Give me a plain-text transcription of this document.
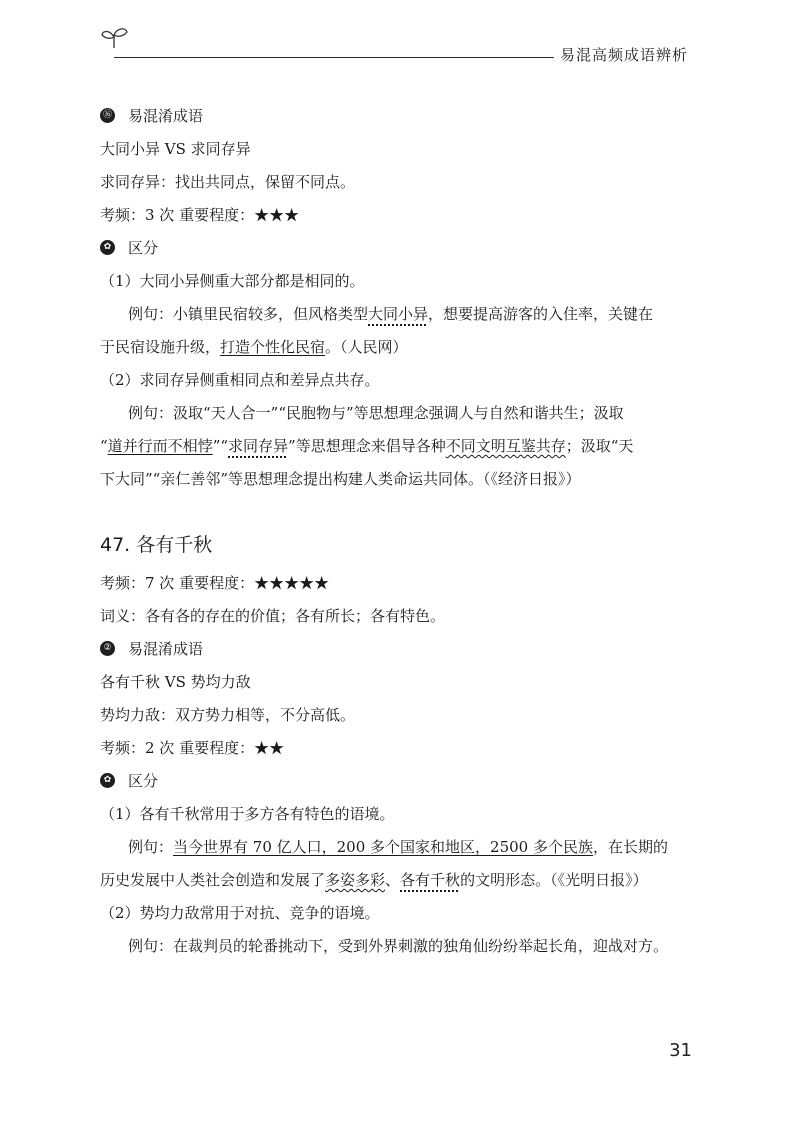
易混高频成语辨析
⑯ 易混淆成语
大同小异 VS 求同存异
求同存异：找出共同点，保留不同点。
考频：3 次 重要程度：★★★
✿ 区分
（1）大同小异侧重大部分都是相同的。
例句：小镇里民宿较多，但风格类型大同小异，想要提高游客的入住率，关键在
于民宿设施升级，打造个性化民宿。（人民网）
（2）求同存异侧重相同点和差异点共存。
例句：汲取“天人合一”“民胞物与”等思想理念强调人与自然和谐共生；汲取
“道并行而不相悖”“求同存异”等思想理念来倡导各种不同文明互鉴共存；汲取“天
下大同”“亲仁善邻”等思想理念提出构建人类命运共同体。（《经济日报》）
47. 各有千秋
考频：7 次 重要程度：★★★★★
词义：各有各的存在的价值；各有所长；各有特色。
② 易混淆成语
各有千秋 VS 势均力敌
势均力敌：双方势力相等，不分高低。
考频：2 次 重要程度：★★
✿ 区分
（1）各有千秋常用于多方各有特色的语境。
例句：当今世界有 70 亿人口，200 多个国家和地区，2500 多个民族，在长期的
历史发展中人类社会创造和发展了多姿多彩、各有千秋的文明形态。（《光明日报》）
（2）势均力敌常用于对抗、竞争的语境。
例句：在裁判员的轮番挑动下，受到外界刺激的独角仙纷纷举起长角，迎战对方。
31
